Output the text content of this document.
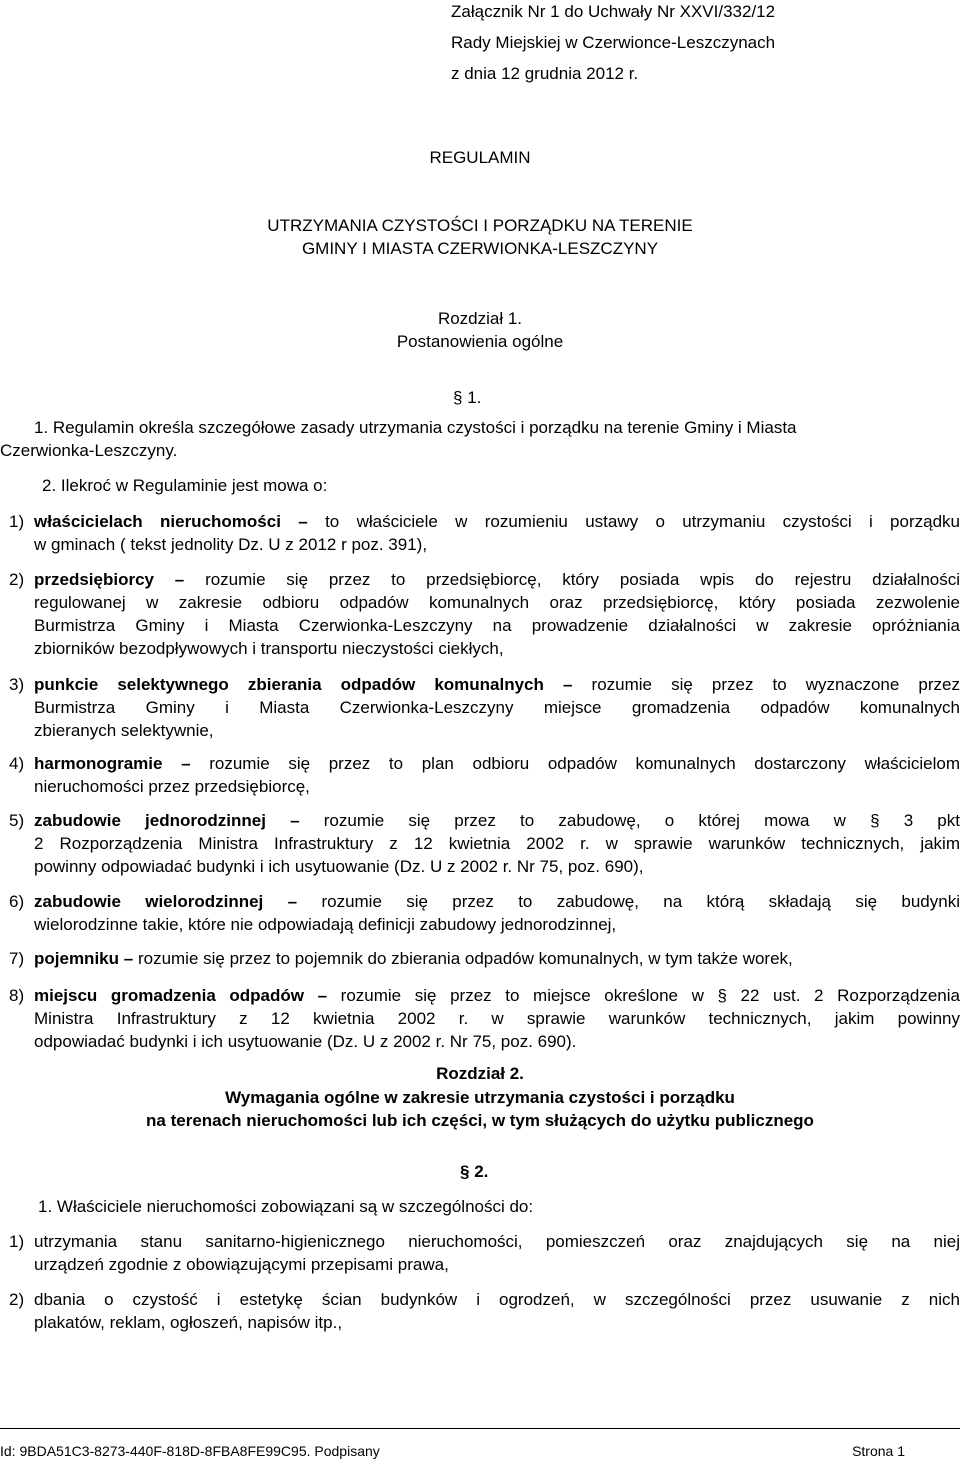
Załącznik Nr 1 do Uchwały Nr XXVI/332/12
Rady Miejskiej w Czerwionce-Leszczynach
z dnia 12 grudnia 2012 r.
REGULAMIN
UTRZYMANIA CZYSTOŚCI I PORZĄDKU NA TERENIE
GMINY I MIASTA CZERWIONKA-LESZCZYNY
Rozdział 1.
Postanowienia ogólne
§ 1.
1. Regulamin określa szczegółowe zasady utrzymania czystości i porządku na terenie Gminy i Miasta
Czerwionka-Leszczyny.
2. Ilekroć w Regulaminie jest mowa o:
1) właścicielach nieruchomości – to właściciele w rozumieniu ustawy o utrzymaniu czystości i porządku
w gminach ( tekst jednolity Dz. U z 2012 r poz. 391),
2) przedsiębiorcy – rozumie się przez to przedsiębiorcę, który posiada wpis do rejestru działalności
regulowanej w zakresie odbioru odpadów komunalnych oraz przedsiębiorcę, który posiada zezwolenie
Burmistrza Gminy i Miasta Czerwionka-Leszczyny na prowadzenie działalności w zakresie opróżniania
zbiorników bezodpływowych i transportu nieczystości ciekłych,
3) punkcie selektywnego zbierania odpadów komunalnych – rozumie się przez to wyznaczone przez
Burmistrza Gminy i Miasta Czerwionka-Leszczyny miejsce gromadzenia odpadów komunalnych
zbieranych selektywnie,
4) harmonogramie – rozumie się przez to plan odbioru odpadów komunalnych dostarczony właścicielom
nieruchomości przez przedsiębiorcę,
5) zabudowie jednorodzinnej – rozumie się przez to zabudowę, o której mowa w § 3 pkt
2 Rozporządzenia Ministra Infrastruktury z 12 kwietnia 2002 r. w sprawie warunków technicznych, jakim
powinny odpowiadać budynki i ich usytuowanie (Dz. U z 2002 r. Nr 75, poz. 690),
6) zabudowie wielorodzinnej – rozumie się przez to zabudowę, na którą składają się budynki
wielorodzinne takie, które nie odpowiadają definicji zabudowy jednorodzinnej,
7) pojemniku – rozumie się przez to pojemnik do zbierania odpadów komunalnych, w tym także worek,
8) miejscu gromadzenia odpadów – rozumie się przez to miejsce określone w § 22 ust. 2 Rozporządzenia
Ministra Infrastruktury z 12 kwietnia 2002 r. w sprawie warunków technicznych, jakim powinny
odpowiadać budynki i ich usytuowanie (Dz. U z 2002 r. Nr 75, poz. 690).
Rozdział 2.
Wymagania ogólne w zakresie utrzymania czystości i porządku
na terenach nieruchomości lub ich części, w tym służących do użytku publicznego
§ 2.
1. Właściciele nieruchomości zobowiązani są w szczególności do:
1) utrzymania stanu sanitarno-higienicznego nieruchomości, pomieszczeń oraz znajdujących się na niej
urządzeń zgodnie z obowiązującymi przepisami prawa,
2) dbania o czystość i estetykę ścian budynków i ogrodzeń, w szczególności przez usuwanie z nich
plakatów, reklam, ogłoszeń, napisów itp.,
Id: 9BDA51C3-8273-440F-818D-8FBA8FE99C95. Podpisany	Strona 1
